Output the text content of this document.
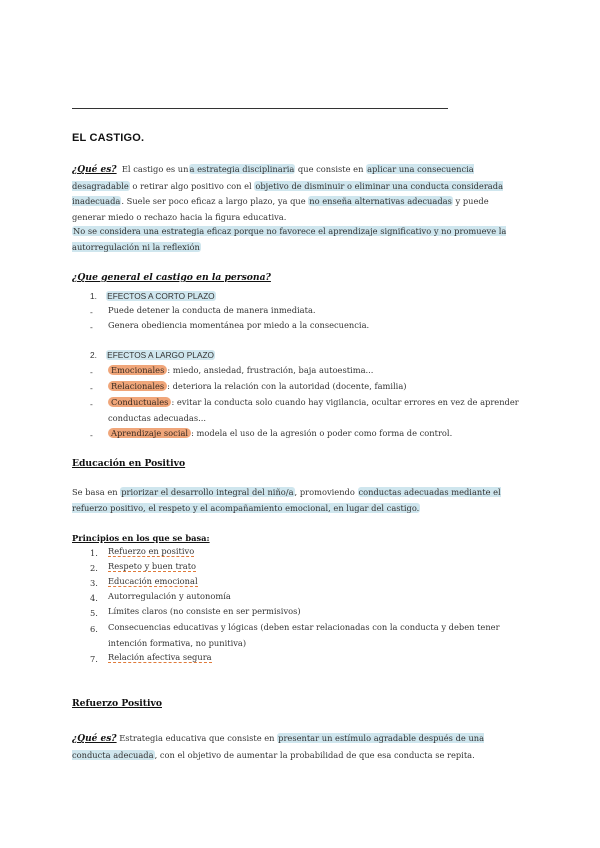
EL CASTIGO.
¿Qué es? El castigo es una estrategia disciplinaria que consiste en aplicar una consecuencia desagradable o retirar algo positivo con el objetivo de disminuir o eliminar una conducta considerada inadecuada. Suele ser poco eficaz a largo plazo, ya que no enseña alternativas adecuadas y puede generar miedo o rechazo hacia la figura educativa.
No se considera una estrategia eficaz porque no favorece el aprendizaje significativo y no promueve la autorregulación ni la reflexión
¿Que general el castigo en la persona?
1. EFECTOS A CORTO PLAZO
- Puede detener la conducta de manera inmediata.
- Genera obediencia momentánea por miedo a la consecuencia.
2. EFECTOS A LARGO PLAZO
-	Emocionales : miedo, ansiedad, frustración, baja autoestima...
-	Relacionales : deteriora la relación con la autoridad (docente, familia)
-	Conductuales : evitar la conducta solo cuando hay vigilancia, ocultar errores en vez de aprender conductas adecuadas...
-	Aprendizaje social : modela el uso de la agresión o poder como forma de control.
Educación en Positivo
Se basa en priorizar el desarrollo integral del niño/a, promoviendo conductas adecuadas mediante el refuerzo positivo, el respeto y el acompañamiento emocional, en lugar del castigo.
Principios en los que se basa:
1. Refuerzo en positivo
2. Respeto y buen trato
3. Educación emocional
4. Autorregulación y autonomía
5. Límites claros (no consiste en ser permisivos)
6. Consecuencias educativas y lógicas (deben estar relacionadas con la conducta y deben tener intención formativa, no punitiva)
7. Relación afectiva segura
Refuerzo Positivo
¿Qué es? Estrategia educativa que consiste en presentar un estímulo agradable después de una conducta adecuada, con el objetivo de aumentar la probabilidad de que esa conducta se repita.
